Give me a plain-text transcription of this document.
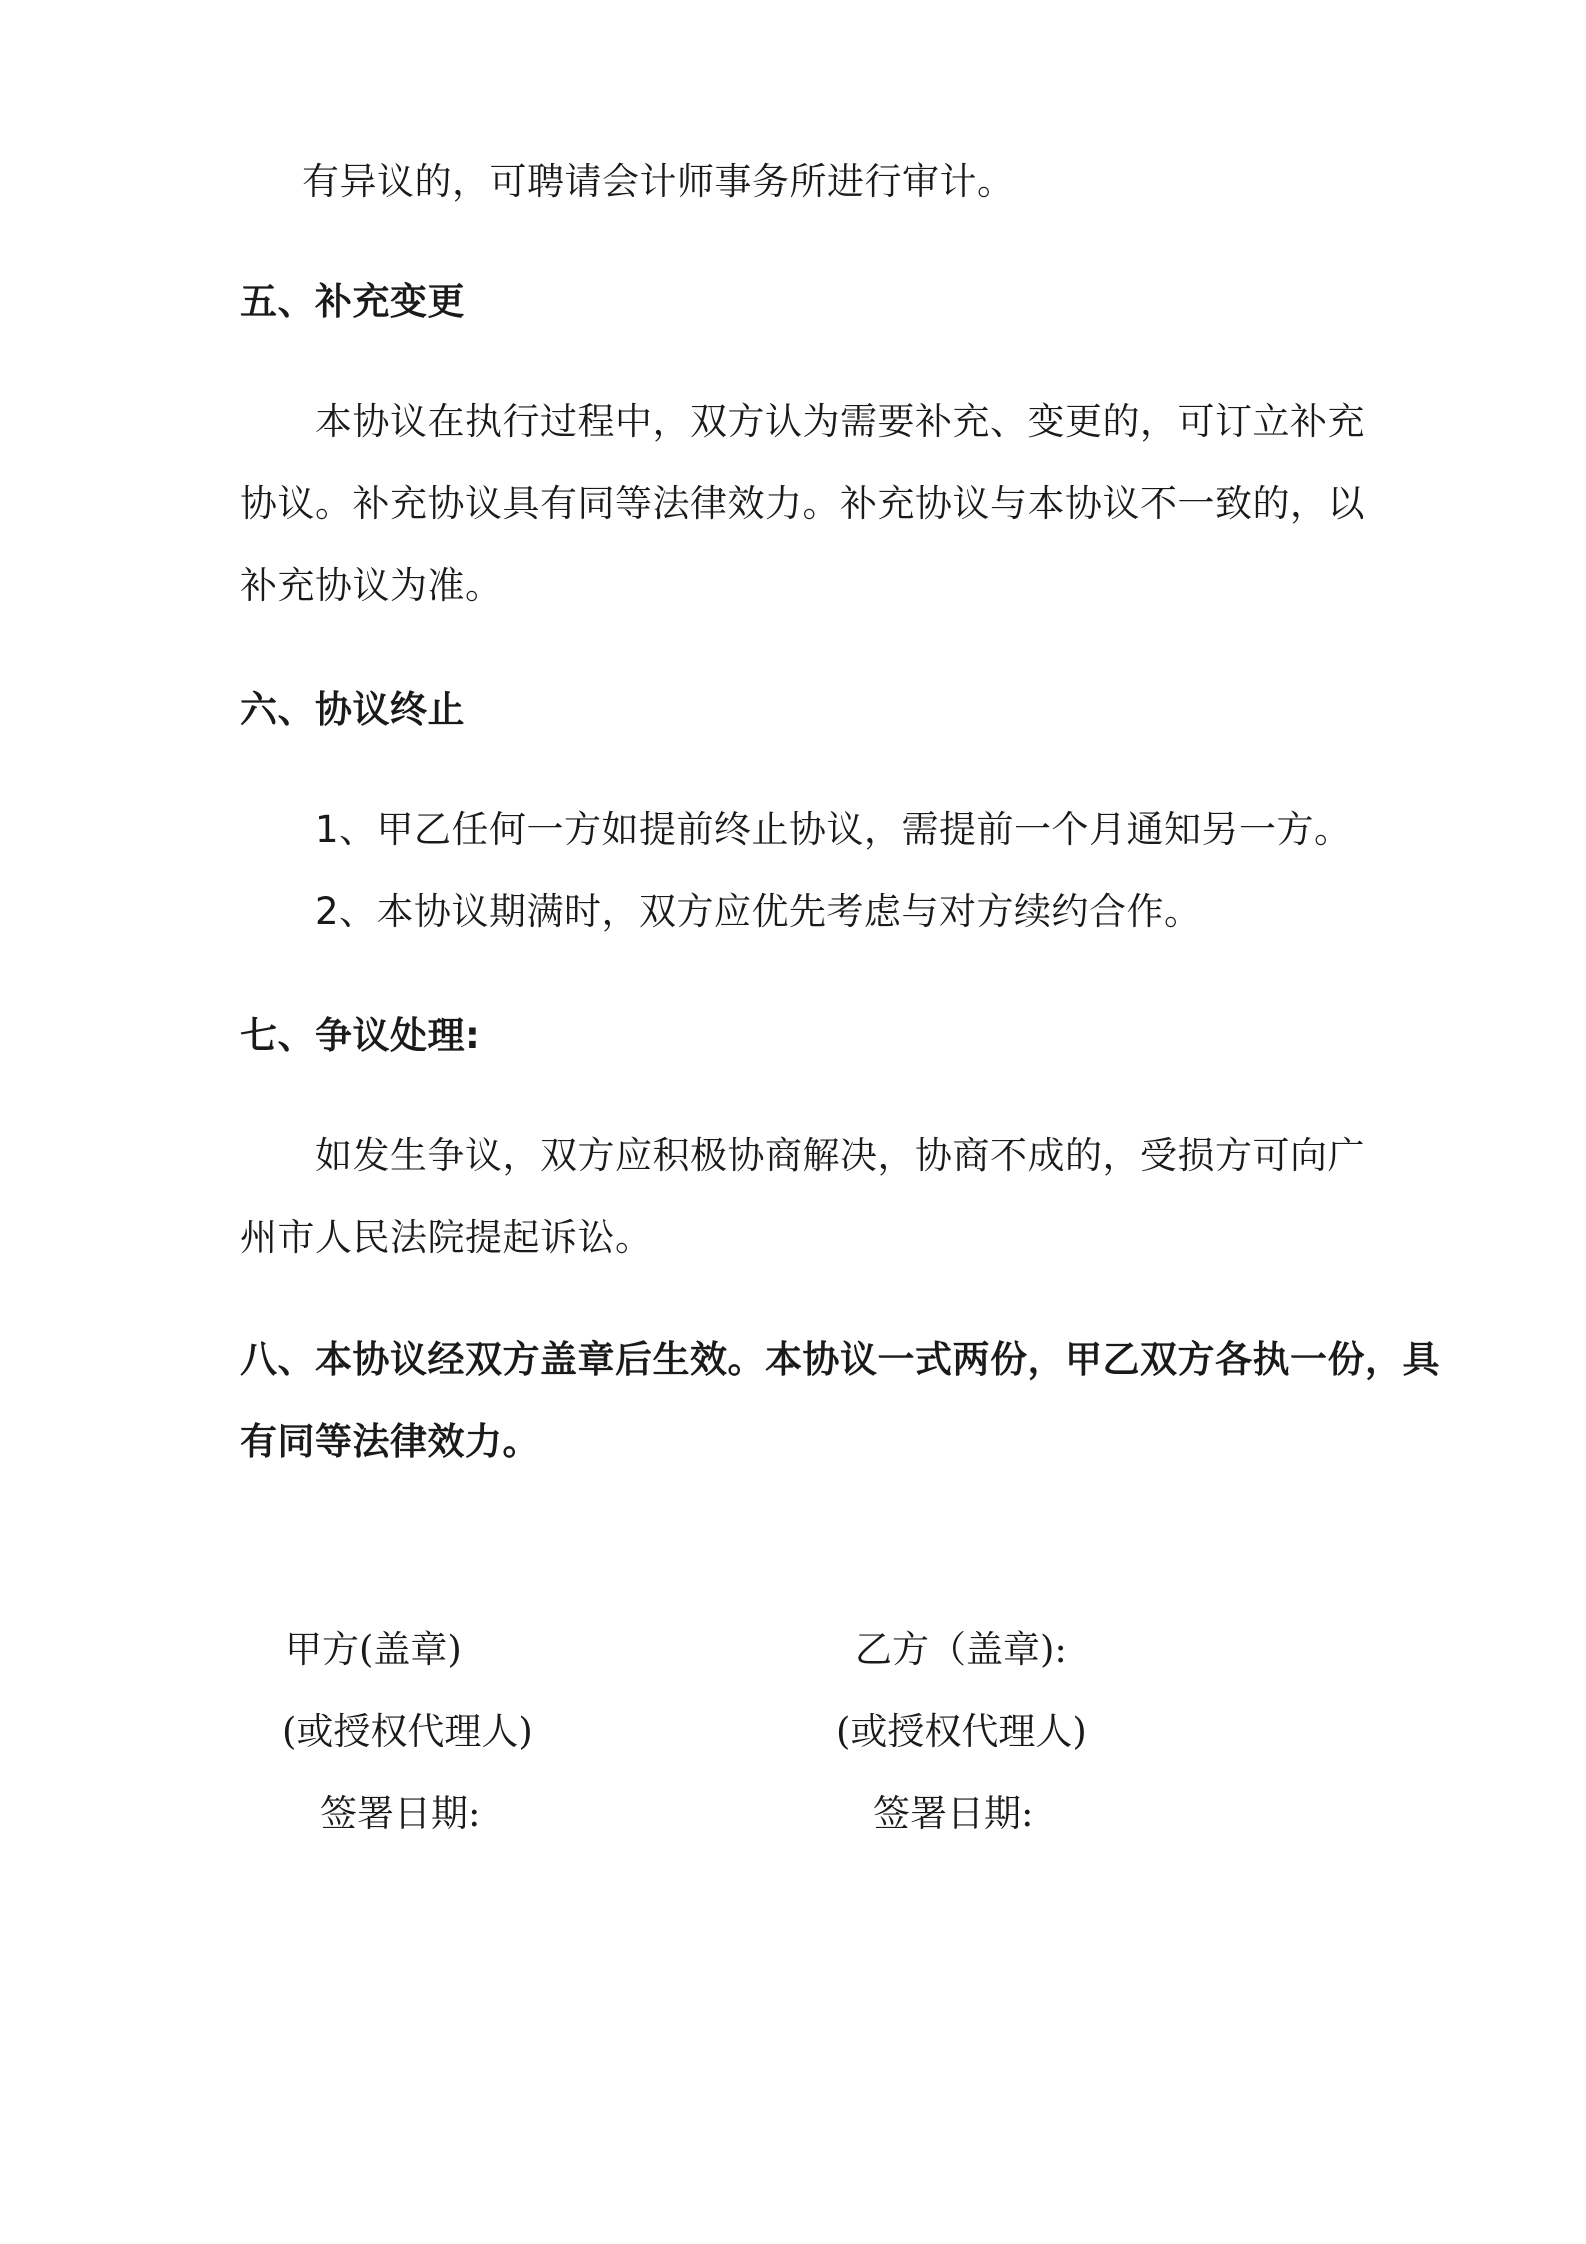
有异议的，可聘请会计师事务所进行审计。
五、补充变更
本协议在执行过程中，双方认为需要补充、变更的，可订立补充
协议。补充协议具有同等法律效力。补充协议与本协议不一致的，以
补充协议为准。
六、协议终止
1、甲乙任何一方如提前终止协议，需提前一个月通知另一方。
2、本协议期满时，双方应优先考虑与对方续约合作。
七、争议处理:
如发生争议，双方应积极协商解决，协商不成的，受损方可向广
州市人民法院提起诉讼。
八、本协议经双方盖章后生效。本协议一式两份，甲乙双方各执一份，具
有同等法律效力。
甲方(盖章)
(或授权代理人)
签署日期:
乙方（盖章):
(或授权代理人)
签署日期:
